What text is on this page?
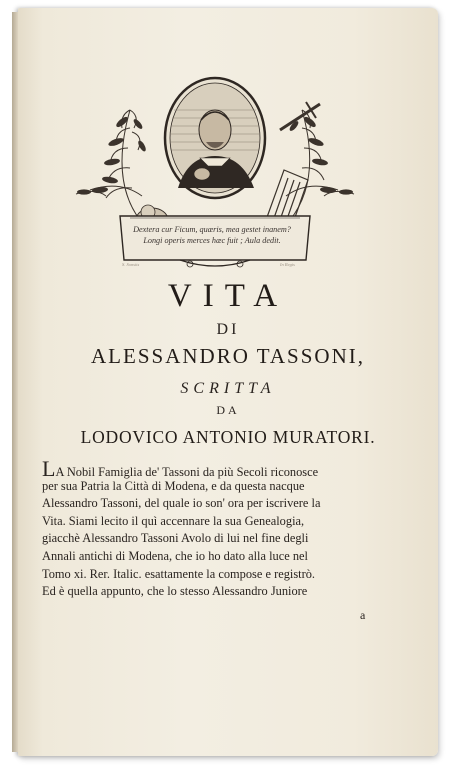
Dextera cur Ficum, quæris, mea gestet inanem?
Longi operis merces hæc fuit ; Aula dedit.
S. Sonsits	In Regis
VITA
DI
ALESSANDRO TASSONI,
SCRITTA
DA
LODOVICO ANTONIO MURATORI.
LA Nobil Famiglia de' Tassoni da più Secoli riconosce
per sua Patria la Città di Modena, e da questa nacque
Alessandro Tassoni, del quale io son' ora per iscrivere la
Vita. Siami lecito il quì accennare la sua Genealogia,
giacchè Alessandro Tassoni Avolo di lui nel fine degli
Annali antichi di Modena, che io ho dato alla luce nel
Tomo xi. Rer. Italic. esattamente la compose e registrò.
Ed è quella appunto, che lo stesso Alessandro Juniore
a
